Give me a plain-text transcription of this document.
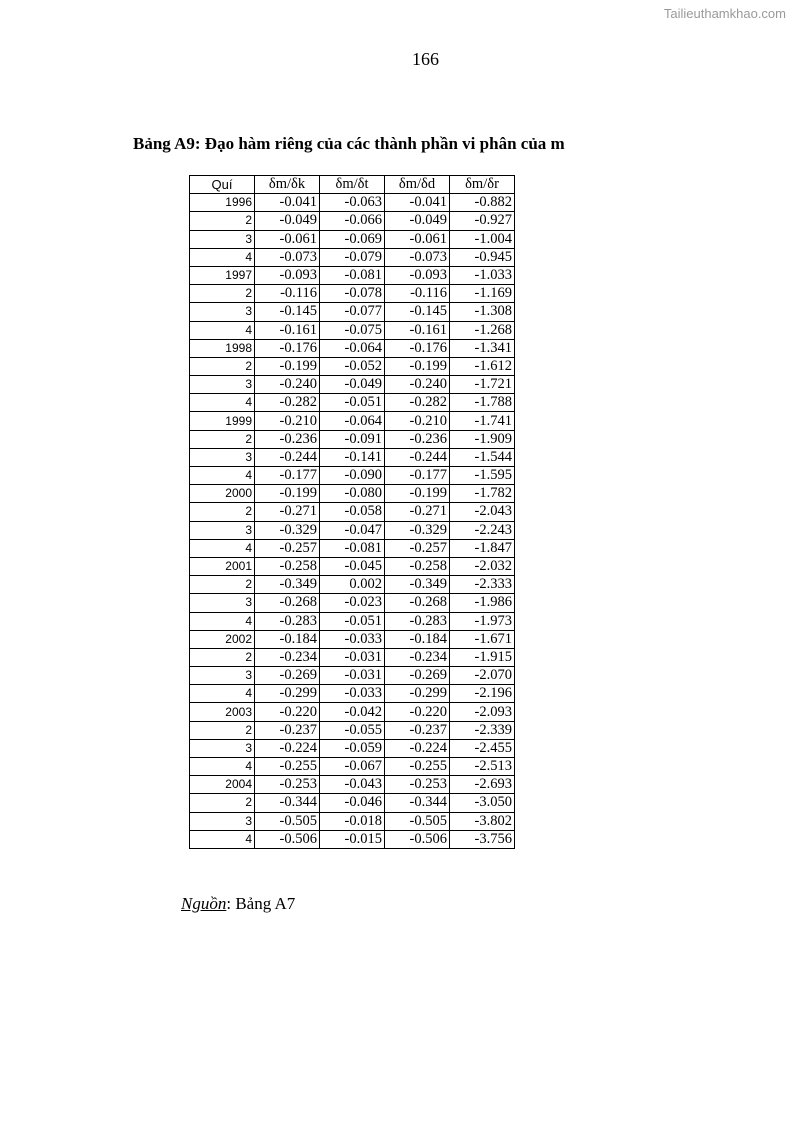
Tailieuthamkhao.com
166
Bảng A9: Đạo hàm riêng của các thành phần vi phân của m
Quí	δm/δk	δm/δt	δm/δd	δm/δr
1996	-0.041	-0.063	-0.041	-0.882
2	-0.049	-0.066	-0.049	-0.927
3	-0.061	-0.069	-0.061	-1.004
4	-0.073	-0.079	-0.073	-0.945
1997	-0.093	-0.081	-0.093	-1.033
2	-0.116	-0.078	-0.116	-1.169
3	-0.145	-0.077	-0.145	-1.308
4	-0.161	-0.075	-0.161	-1.268
1998	-0.176	-0.064	-0.176	-1.341
2	-0.199	-0.052	-0.199	-1.612
3	-0.240	-0.049	-0.240	-1.721
4	-0.282	-0.051	-0.282	-1.788
1999	-0.210	-0.064	-0.210	-1.741
2	-0.236	-0.091	-0.236	-1.909
3	-0.244	-0.141	-0.244	-1.544
4	-0.177	-0.090	-0.177	-1.595
2000	-0.199	-0.080	-0.199	-1.782
2	-0.271	-0.058	-0.271	-2.043
3	-0.329	-0.047	-0.329	-2.243
4	-0.257	-0.081	-0.257	-1.847
2001	-0.258	-0.045	-0.258	-2.032
2	-0.349	0.002	-0.349	-2.333
3	-0.268	-0.023	-0.268	-1.986
4	-0.283	-0.051	-0.283	-1.973
2002	-0.184	-0.033	-0.184	-1.671
2	-0.234	-0.031	-0.234	-1.915
3	-0.269	-0.031	-0.269	-2.070
4	-0.299	-0.033	-0.299	-2.196
2003	-0.220	-0.042	-0.220	-2.093
2	-0.237	-0.055	-0.237	-2.339
3	-0.224	-0.059	-0.224	-2.455
4	-0.255	-0.067	-0.255	-2.513
2004	-0.253	-0.043	-0.253	-2.693
2	-0.344	-0.046	-0.344	-3.050
3	-0.505	-0.018	-0.505	-3.802
4	-0.506	-0.015	-0.506	-3.756
Nguồn: Bảng A7
